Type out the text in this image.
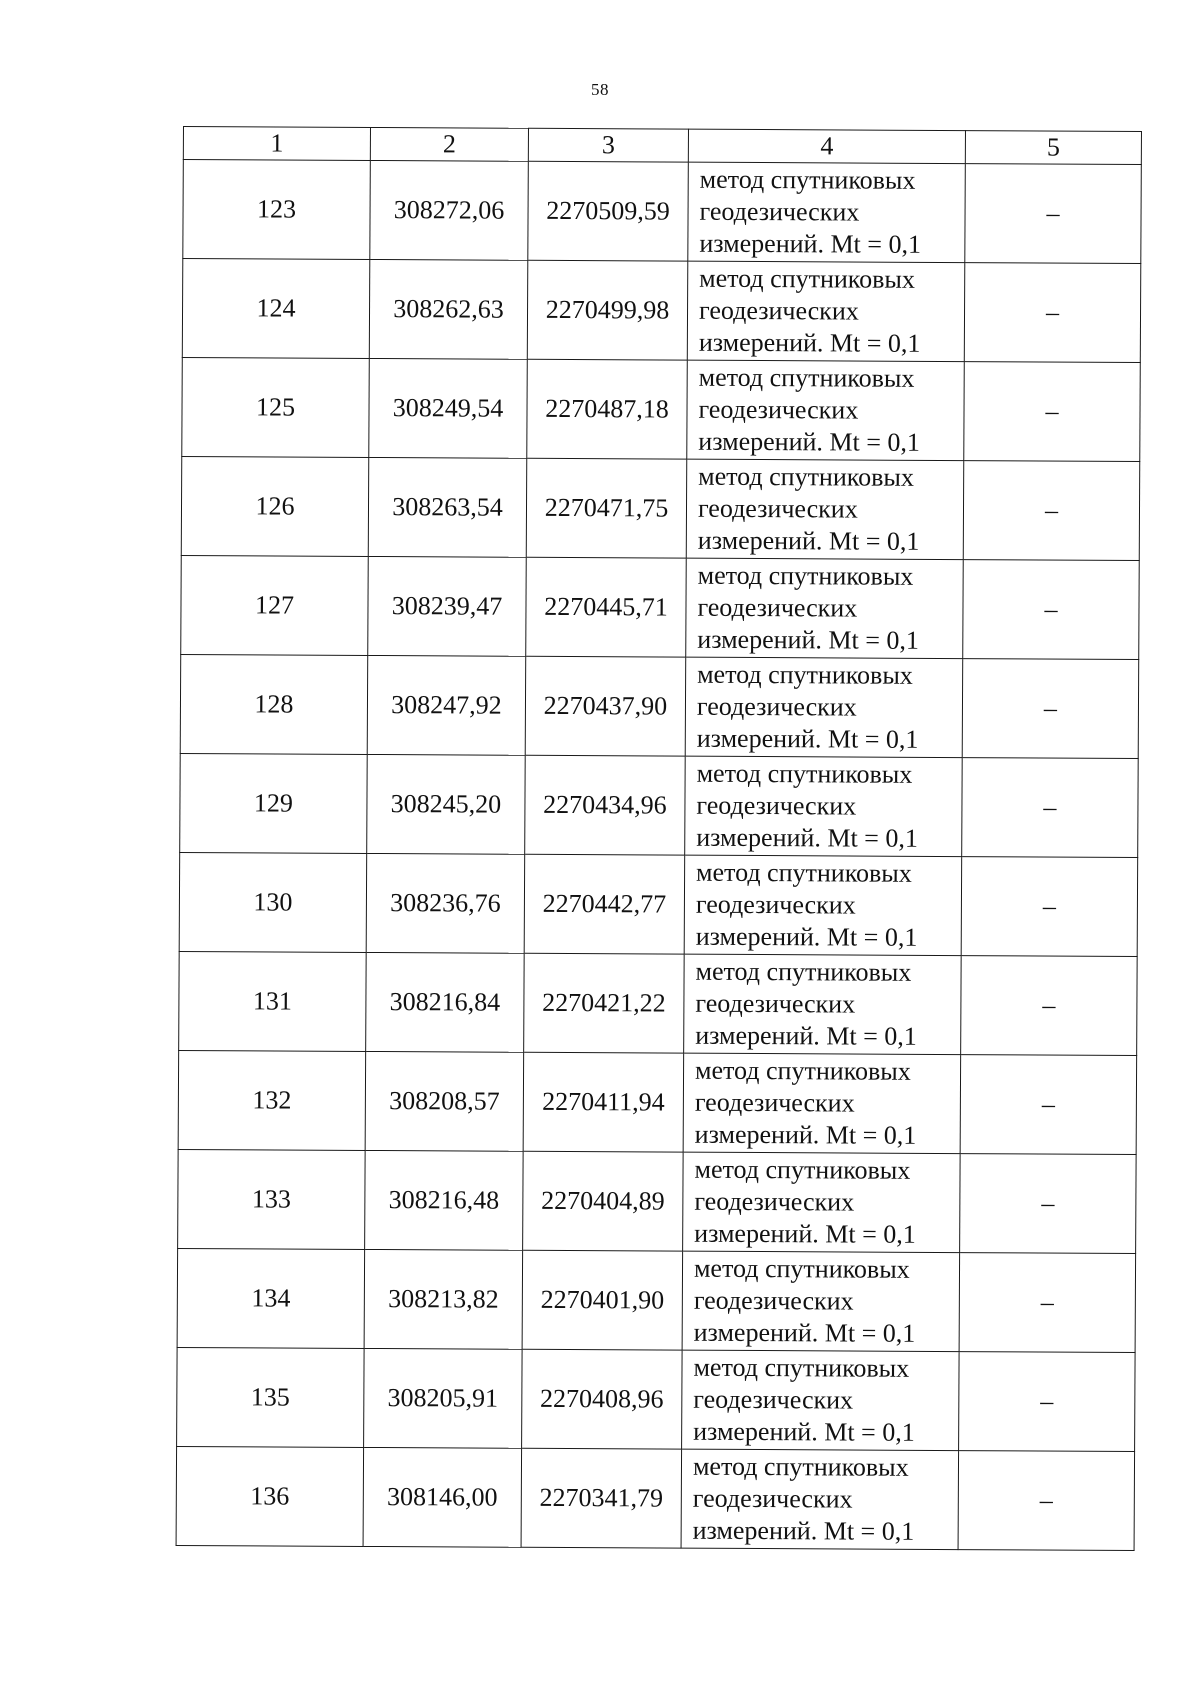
58
1	2	3	4	5
123	308272,06	2270509,59	метод спутниковых
геодезических
измерений. Mt = 0,1	–
124	308262,63	2270499,98	метод спутниковых
геодезических
измерений. Mt = 0,1	–
125	308249,54	2270487,18	метод спутниковых
геодезических
измерений. Mt = 0,1	–
126	308263,54	2270471,75	метод спутниковых
геодезических
измерений. Mt = 0,1	–
127	308239,47	2270445,71	метод спутниковых
геодезических
измерений. Mt = 0,1	–
128	308247,92	2270437,90	метод спутниковых
геодезических
измерений. Mt = 0,1	–
129	308245,20	2270434,96	метод спутниковых
геодезических
измерений. Mt = 0,1	–
130	308236,76	2270442,77	метод спутниковых
геодезических
измерений. Mt = 0,1	–
131	308216,84	2270421,22	метод спутниковых
геодезических
измерений. Mt = 0,1	–
132	308208,57	2270411,94	метод спутниковых
геодезических
измерений. Mt = 0,1	–
133	308216,48	2270404,89	метод спутниковых
геодезических
измерений. Mt = 0,1	–
134	308213,82	2270401,90	метод спутниковых
геодезических
измерений. Mt = 0,1	–
135	308205,91	2270408,96	метод спутниковых
геодезических
измерений. Mt = 0,1	–
136	308146,00	2270341,79	метод спутниковых
геодезических
измерений. Mt = 0,1	–
